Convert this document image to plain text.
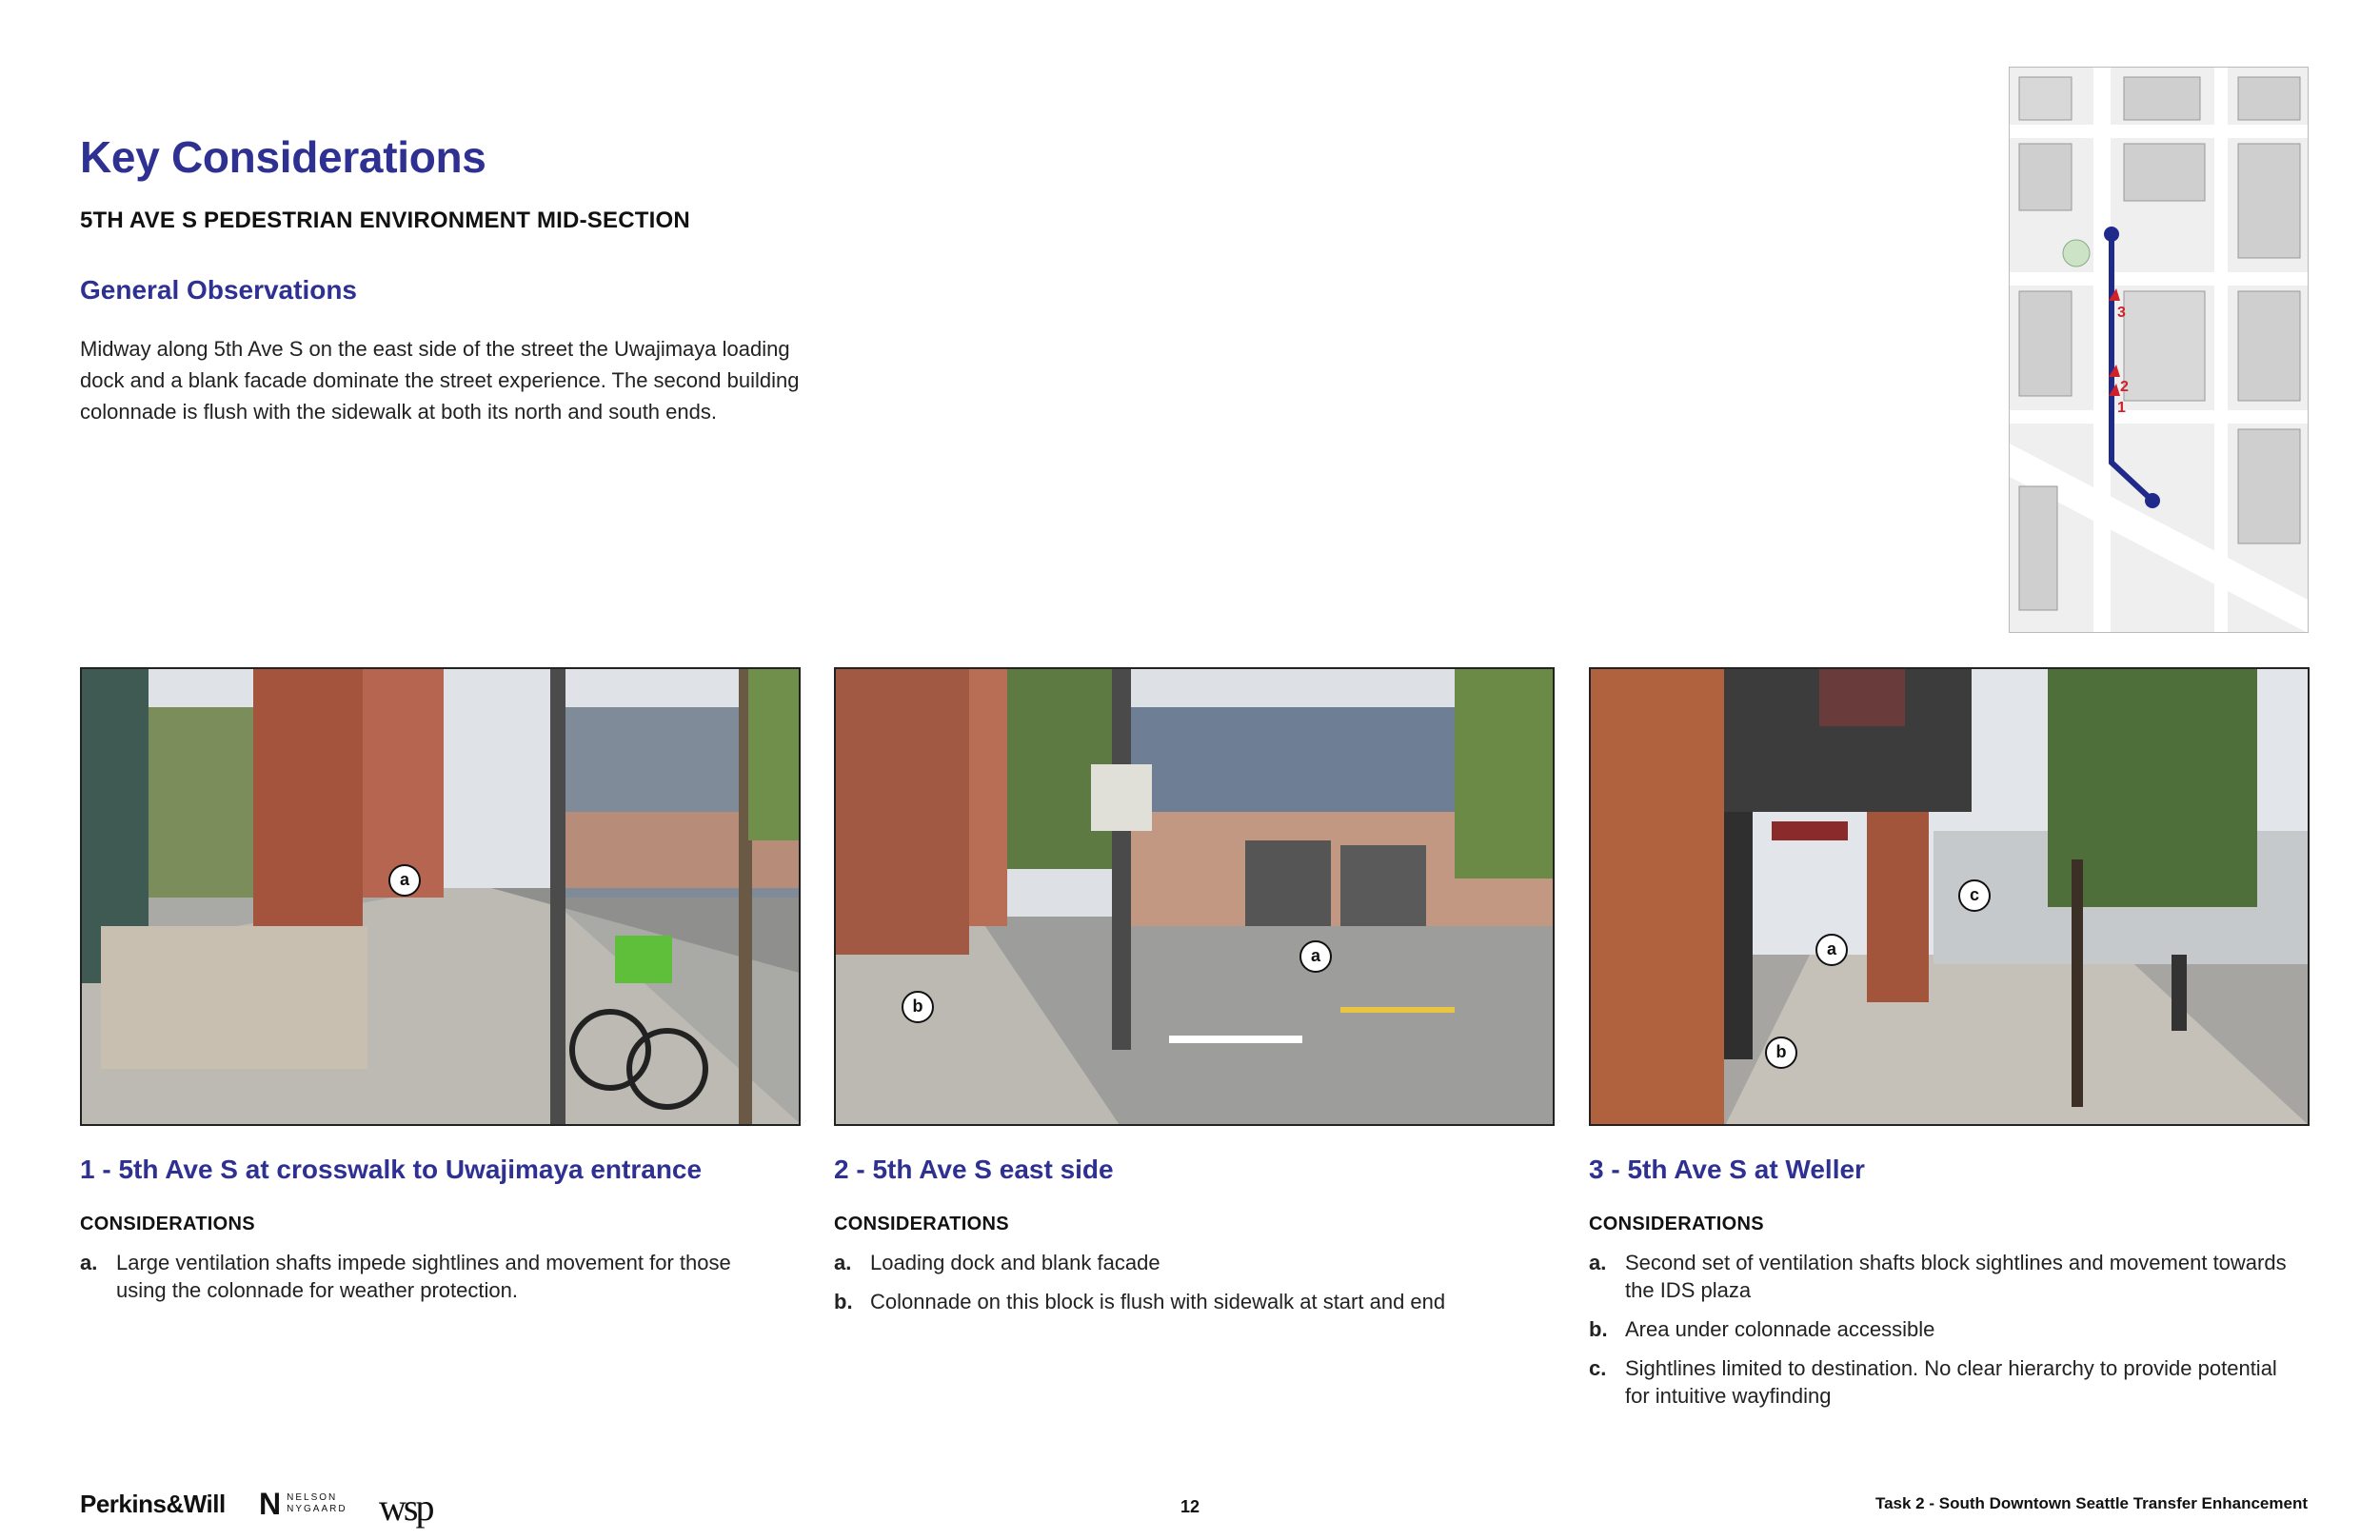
Key Considerations
5TH AVE S PEDESTRIAN ENVIRONMENT MID-SECTION
General Observations
Midway along 5th Ave S on the east side of the street the Uwajimaya loading dock and a blank facade dominate the street experience. The second building colonnade is flush with the sidewalk at both its north and south ends.
3
2
1
a
a
b
a
b
c
1 - 5th Ave S at crosswalk to Uwajimaya entrance
CONSIDERATIONS
a. Large ventilation shafts impede sightlines and movement for those using the colonnade for weather protection.
2 - 5th Ave S east side
CONSIDERATIONS
a. Loading dock and blank facade
b. Colonnade on this block is flush with sidewalk at start and end
3 - 5th Ave S at Weller
CONSIDERATIONS
a. Second set of ventilation shafts block sightlines and movement towards the IDS plaza
b. Area under colonnade accessible
c. Sightlines limited to destination. No clear hierarchy to provide potential for intuitive wayfinding
Perkins&Will N NELSON
NYGAARD wsp	12	Task 2 - South Downtown Seattle Transfer Enhancement
